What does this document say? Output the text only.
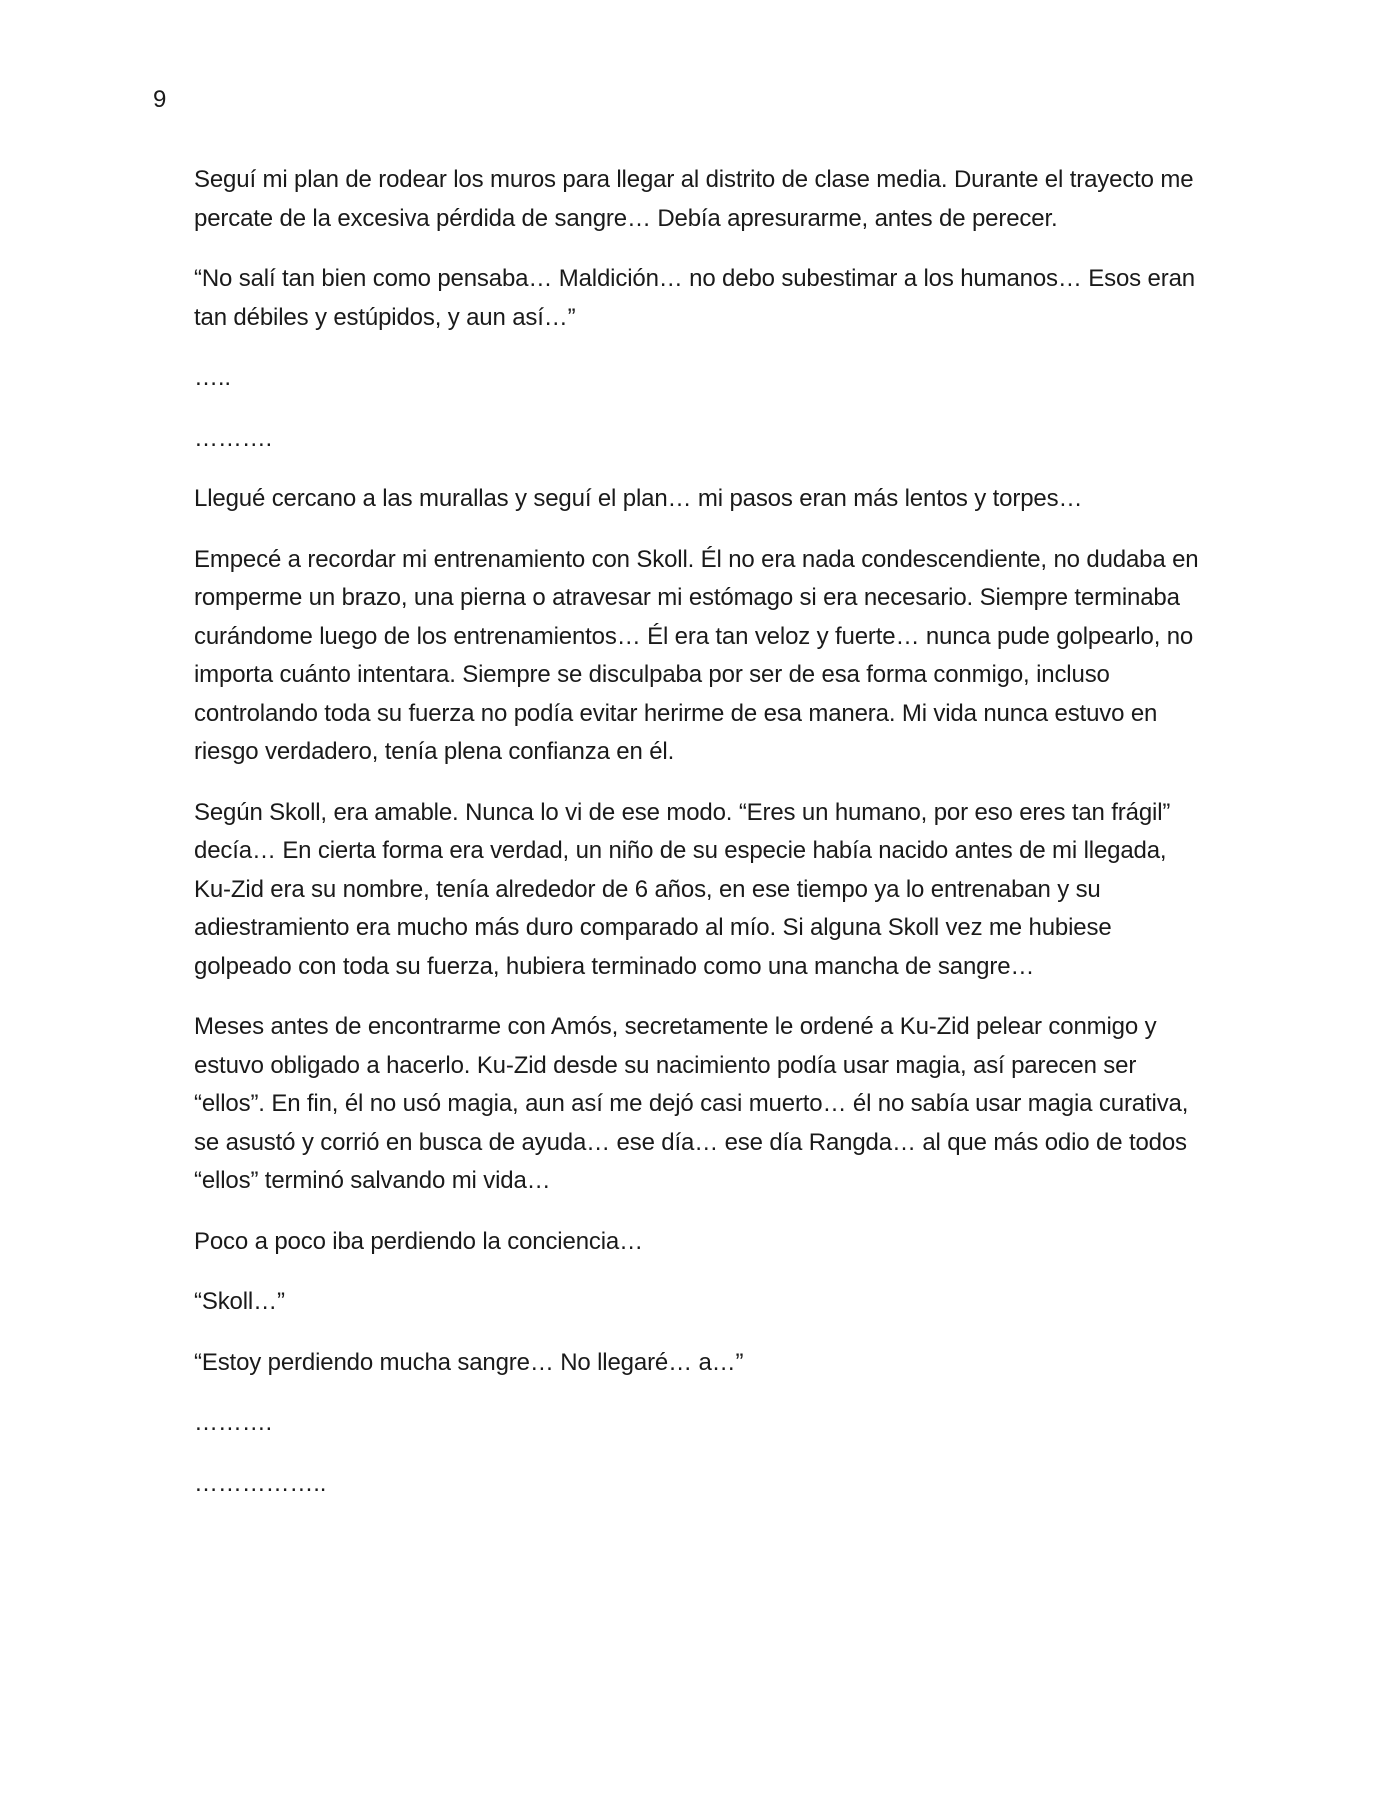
9

Seguí mi plan de rodear los muros para llegar al distrito de clase media. Durante el trayecto me percate de la excesiva pérdida de sangre… Debía apresurarme, antes de perecer.

“No salí tan bien como pensaba… Maldición… no debo subestimar a los humanos… Esos eran tan débiles y estúpidos, y aun así…”

…..

……….

Llegué cercano a las murallas y seguí el plan… mi pasos eran más lentos y torpes…

Empecé a recordar mi entrenamiento con Skoll. Él no era nada condescendiente, no dudaba en romperme un brazo, una pierna o atravesar mi estómago si era necesario. Siempre terminaba curándome luego de los entrenamientos… Él era tan veloz y fuerte… nunca pude golpearlo, no importa cuánto intentara. Siempre se disculpaba por ser de esa forma conmigo, incluso controlando toda su fuerza no podía evitar herirme de esa manera. Mi vida nunca estuvo en riesgo verdadero, tenía plena confianza en él.

Según Skoll, era amable. Nunca lo vi de ese modo. “Eres un humano, por eso eres tan frágil” decía… En cierta forma era verdad, un niño de su especie había nacido antes de mi llegada, Ku-Zid era su nombre, tenía alrededor de 6 años, en ese tiempo ya lo entrenaban y su adiestramiento era mucho más duro comparado al mío. Si alguna Skoll vez me hubiese golpeado con toda su fuerza, hubiera terminado como una mancha de sangre…

Meses antes de encontrarme con Amós, secretamente le ordené a Ku-Zid pelear conmigo y estuvo obligado a hacerlo. Ku-Zid desde su nacimiento podía usar magia, así parecen ser “ellos”. En fin, él no usó magia, aun así me dejó casi muerto… él no sabía usar magia curativa, se asustó y corrió en busca de ayuda… ese día… ese día Rangda… al que más odio de todos “ellos” terminó salvando mi vida…

Poco a poco iba perdiendo la conciencia…

“Skoll…”

“Estoy perdiendo mucha sangre… No llegaré… a…”

……….

……………..
